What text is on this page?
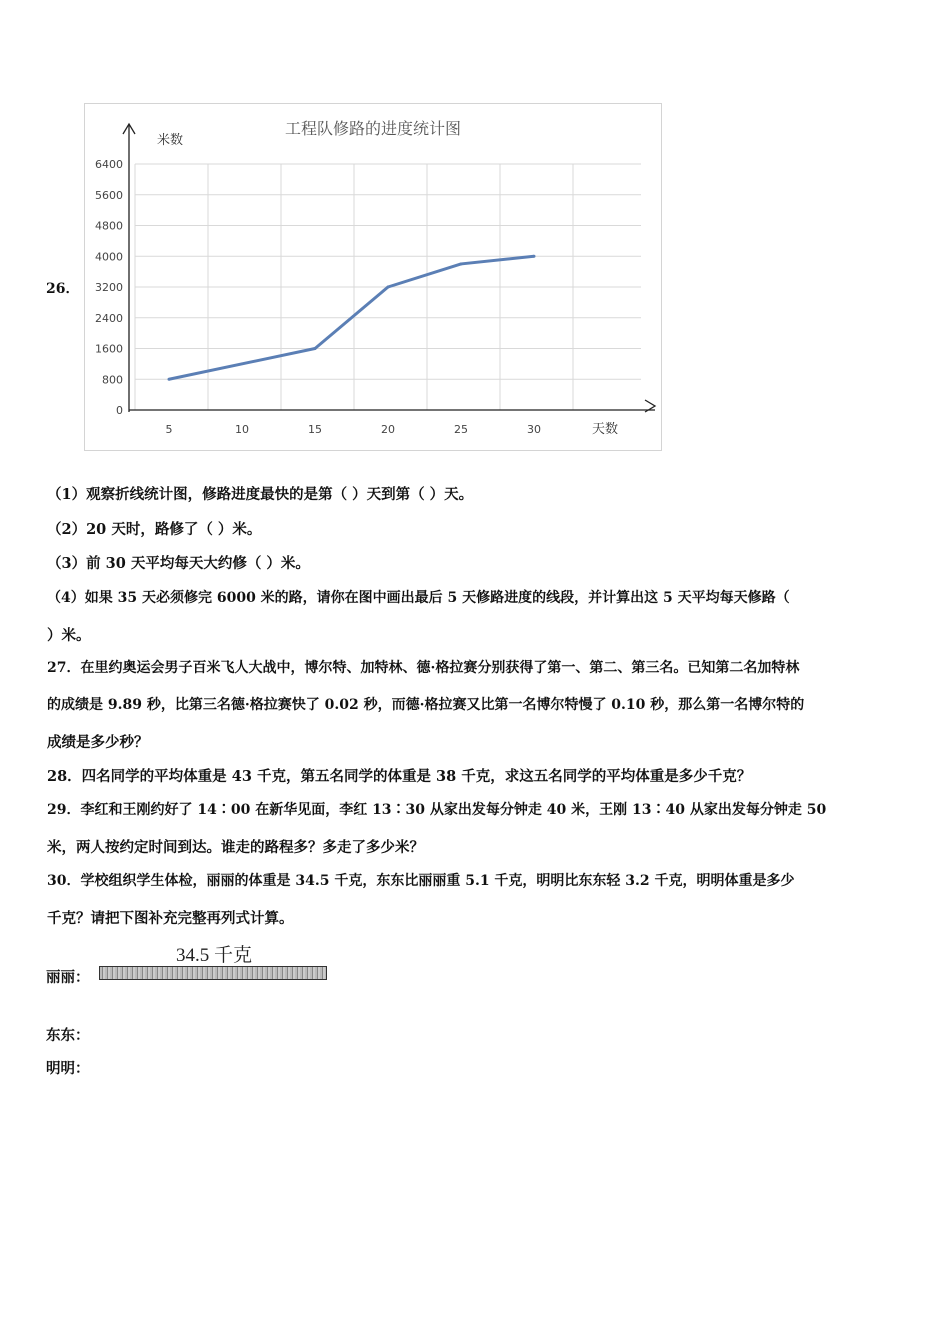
26．
工程队修路的进度统计图
米数
天数
0
800
1600
2400
3200
4000
4800
5600
6400
5	10	15	20	25	30
（1）观察折线统计图，修路进度最快的是第（ ）天到第（ ）天。
（2）20 天时，路修了（ ）米。
（3）前 30 天平均每天大约修（ ）米。
（4）如果 35 天必须修完 6000 米的路，请你在图中画出最后 5 天修路进度的线段，并计算出这 5 天平均每天修路（
）米。
27．在里约奥运会男子百米飞人大战中，博尔特、加特林、德·格拉赛分别获得了第一、第二、第三名。已知第二名加特林
的成绩是 9.89 秒，比第三名德·格拉赛快了 0.02 秒，而德·格拉赛又比第一名博尔特慢了 0.10 秒，那么第一名博尔特的
成绩是多少秒？
28．四名同学的平均体重是 43 千克，第五名同学的体重是 38 千克，求这五名同学的平均体重是多少千克？
29．李红和王刚约好了 14∶00 在新华见面，李红 13∶30 从家出发每分钟走 40 米，王刚 13∶40 从家出发每分钟走 50
米，两人按约定时间到达。谁走的路程多？多走了多少米？
30．学校组织学生体检，丽丽的体重是 34.5 千克，东东比丽丽重 5.1 千克，明明比东东轻 3.2 千克，明明体重是多少
千克？请把下图补充完整再列式计算。
34.5 千克
丽丽：
东东：
明明：
